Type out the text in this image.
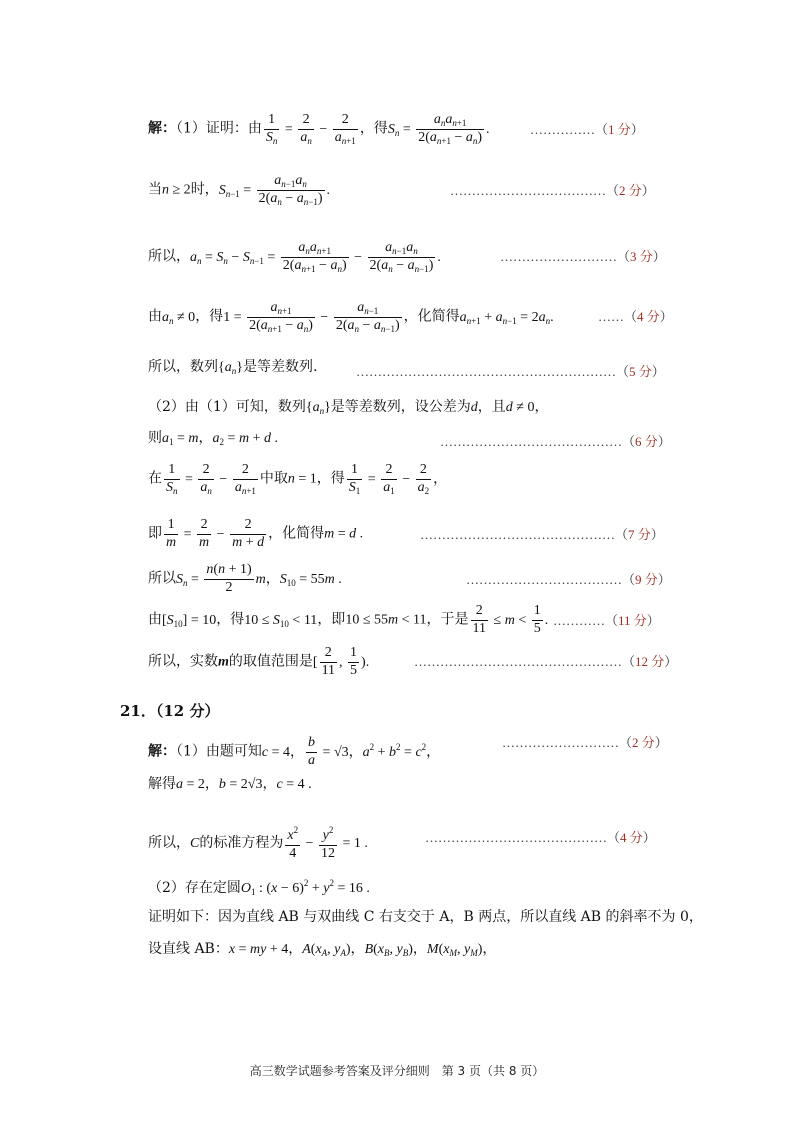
解：（1）证明：由 $\frac{1}{S_n} = \frac{2}{a_n} - \frac{2}{a_{n+1}}$ ，得$S_n = \frac{a_na_{n+1}}{2(a_{n+1} - a_n)}$ .	……………（1 分）
当n ≥ 2时，$S_{n-1} = \frac{a_{n-1}a_n}{2(a_n - a_{n-1})}$ .	………………………………（2 分）
所以，$a_n = S_n - S_{n-1} = \frac{a_na_{n+1}}{2(a_{n+1} - a_n)} - \frac{a_{n-1}a_n}{2(a_n - a_{n-1})}$ .	………………………（3 分）
由$a_n \ne 0$，得$1 = \frac{a_{n+1}}{2(a_{n+1} - a_n)} - \frac{a_{n-1}}{2(a_n - a_{n-1})}$ ，化简得$a_{n+1} + a_{n-1} = 2a_n$.	……（4 分）
所以，数列$\{a_n\}$是等差数列.	……………………………………………………（5 分）
（2）由（1）可知，数列$\{a_n\}$是等差数列，设公差为d，且d ≠ 0，
则$a_1 = m$，$a_2 = m + d$ .	……………………………………（6 分）
在 $\frac{1}{S_n} = \frac{2}{a_n} - \frac{2}{a_{n+1}}$ 中取n = 1，得 $\frac{1}{S_1} = \frac{2}{a_1} - \frac{2}{a_2}$ ，
即 $\frac{1}{m} = \frac{2}{m} - \frac{2}{m + d}$ ，化简得m = d .	………………………………………（7 分）
所以$S_n = \frac{n(n + 1)}{2}$ m，$S_{10} = 55m$ .	………………………………（9 分）
由$[S_{10}] = 10$，得$10 \le S_{10} < 11$，即10 ≤ 55m < 11，于是 $\frac{2}{11} \le m < \frac{1}{5}$ . …………（11 分）
所以，实数m的取值范围是[ $\frac{2}{11}$ , $\frac{1}{5}$ ).	…………………………………………（12 分）
21．（12 分）
解：（1）由题可知c = 4， $\frac{b}{a} = √3$，$a^2 + b^2 = c^2$，
………………………（2 分）
解得a = 2，b = 2√3，c = 4 .
所以，C的标准方程为 $\frac{x^2}{4} - \frac{y^2}{12} = 1$ .	……………………………………（4 分）
（2）存在定圆$O_1$ : $(x - 6)^2 + y^2 = 16$ .
证明如下：因为直线 AB 与双曲线 C 右支交于 A，B 两点，所以直线 AB 的斜率不为 0，
设直线 AB：x = my + 4，$A(x_A$, $y_A$)，$B(x_B$, $y_B$)，$M(x_M$, $y_M$)，
高三数学试题参考答案及评分细则　第 3 页（共 8 页）
